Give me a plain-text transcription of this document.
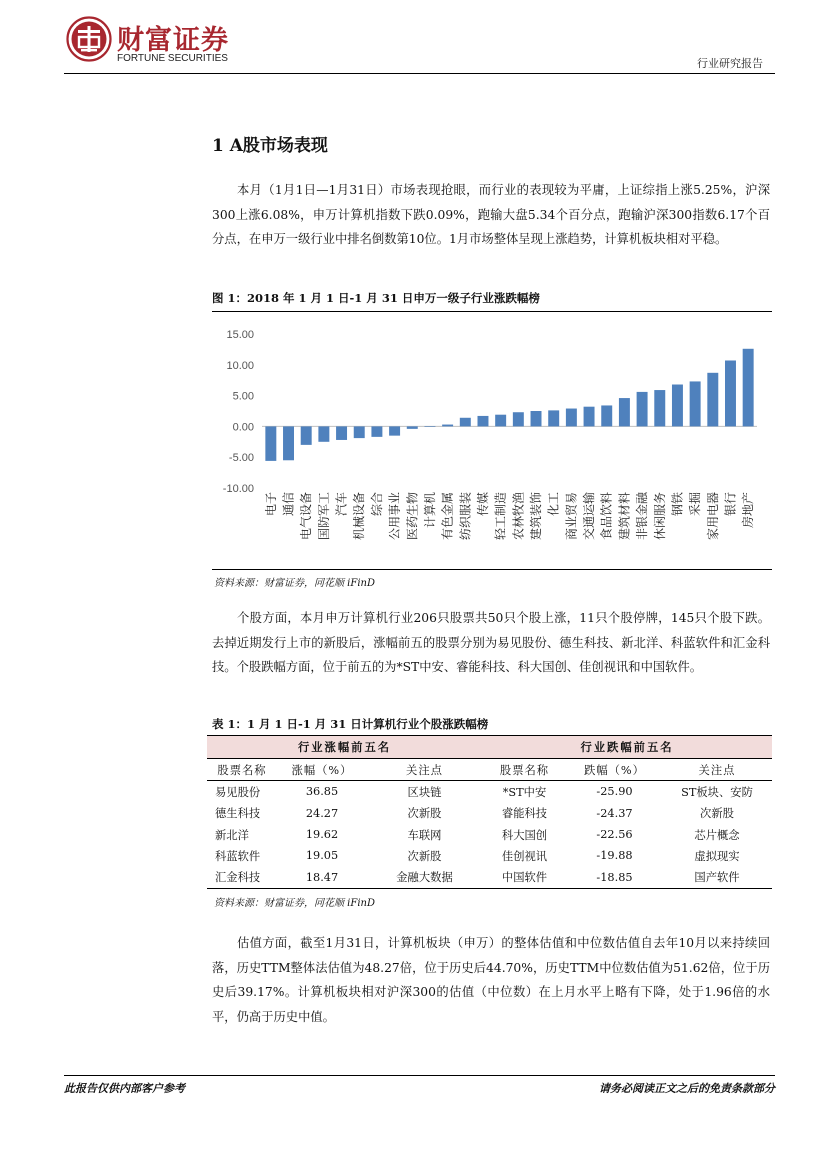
财富证券
FORTUNE SECURITIES	行业研究报告
1 A股市场表现

本月（1月1日—1月31日）市场表现抢眼，而行业的表现较为平庸，上证综指上涨5.25%，沪深300上涨6.08%，申万计算机指数下跌0.09%，跑输大盘5.34个百分点，跑输沪深300指数6.17个百分点，在申万一级行业中排名倒数第10位。1月市场整体呈现上涨趋势，计算机板块相对平稳。

图 1：2018 年 1 月 1 日-1 月 31 日申万一级子行业涨跌幅榜
15.00
10.00
5.00
0.00
-5.00
-10.00
电子 通信 电气设备 国防军工 汽车 机械设备 综合 公用事业 医药生物 计算机 有色金属 纺织服装 传媒 轻工制造 农林牧渔 建筑装饰 化工 商业贸易 交通运输 食品饮料 建筑材料 非银金融 休闲服务 钢铁 采掘 家用电器 银行 房地产
资料来源：财富证券，同花顺 iFinD

个股方面，本月申万计算机行业206只股票共50只个股上涨，11只个股停牌，145只个股下跌。去掉近期发行上市的新股后，涨幅前五的股票分别为易见股份、德生科技、新北洋、科蓝软件和汇金科技。个股跌幅方面，位于前五的为*ST中安、睿能科技、科大国创、佳创视讯和中国软件。

表 1：1 月 1 日-1 月 31 日计算机行业个股涨跌幅榜
行业涨幅前五名			行业跌幅前五名		
股票名称	涨幅（%）	关注点	股票名称	跌幅（%）	关注点
易见股份	36.85	区块链	*ST中安	-25.90	ST板块、安防
德生科技	24.27	次新股	睿能科技	-24.37	次新股
新北洋	19.62	车联网	科大国创	-22.56	芯片概念
科蓝软件	19.05	次新股	佳创视讯	-19.88	虚拟现实
汇金科技	18.47	金融大数据	中国软件	-18.85	国产软件
资料来源：财富证券，同花顺 iFinD

估值方面，截至1月31日，计算机板块（申万）的整体估值和中位数估值自去年10月以来持续回落，历史TTM整体法估值为48.27倍，位于历史后44.70%，历史TTM中位数估值为51.62倍，位于历史后39.17%。计算机板块相对沪深300的估值（中位数）在上月水平上略有下降，处于1.96倍的水平，仍高于历史中值。

此报告仅供内部客户参考	请务必阅读正文之后的免责条款部分
